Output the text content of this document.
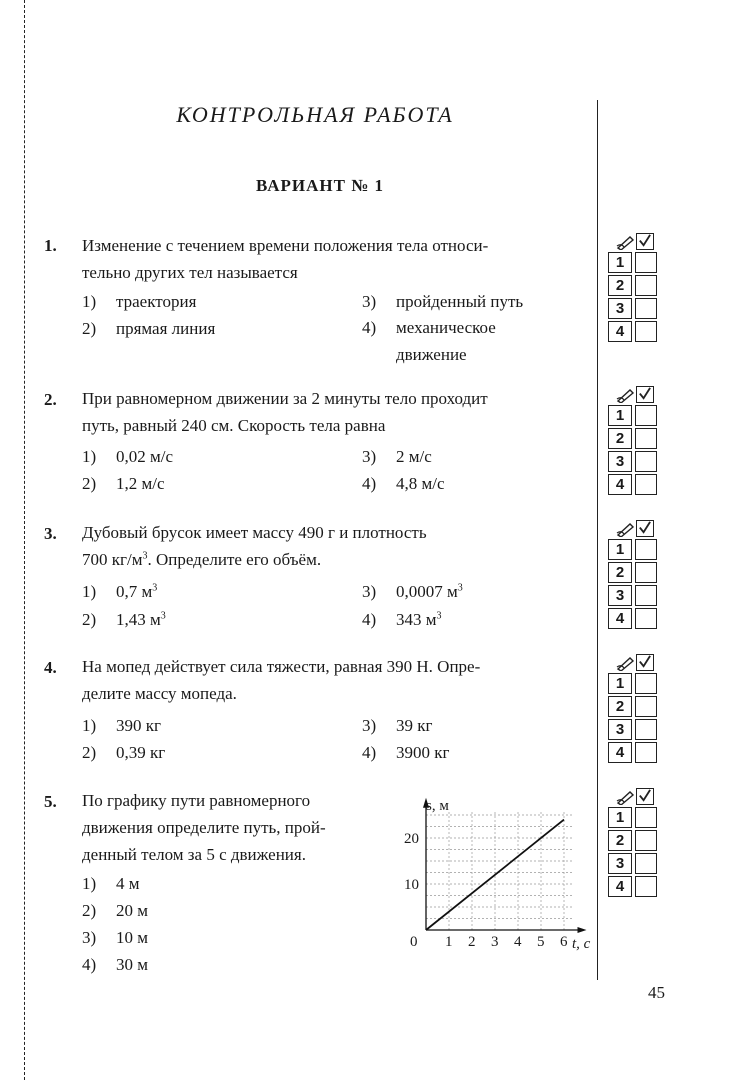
КОНТРОЛЬНАЯ РАБОТА
ВАРИАНТ № 1
1. Изменение с течением времени положения тела относи-
тельно других тел называется
1) траектория
2) прямая линия
3) пройденный путь
4) механическое движение
2. При равномерном движении за 2 минуты тело проходит
путь, равный 240 см. Скорость тела равна
1) 0,02 м/с
2) 1,2 м/с
3) 2 м/с
4) 4,8 м/с
3. Дубовый брусок имеет массу 490 г и плотность
700 $кг/м^3$. Определите его объём.
1) 0,7 $м^3$
2) 1,43 $м^3$
3) 0,0007 $м^3$
4) 343 $м^3$
4. На мопед действует сила тяжести, равная 390 Н. Опре-
делите массу мопеда.
1) 390 кг
2) 0,39 кг
3) 39 кг
4) 3900 кг
5. По графику пути равномерного
движения определите путь, прой-
денный телом за 5 с движения.
1) 4 м
2) 20 м
3) 10 м
4) 30 м
0 1 2 3 4 5 6
10
20
s, м
t, с
45
1
2
3
4
1
2
3
4
1
2
3
4
1
2
3
4
1
2
3
4
